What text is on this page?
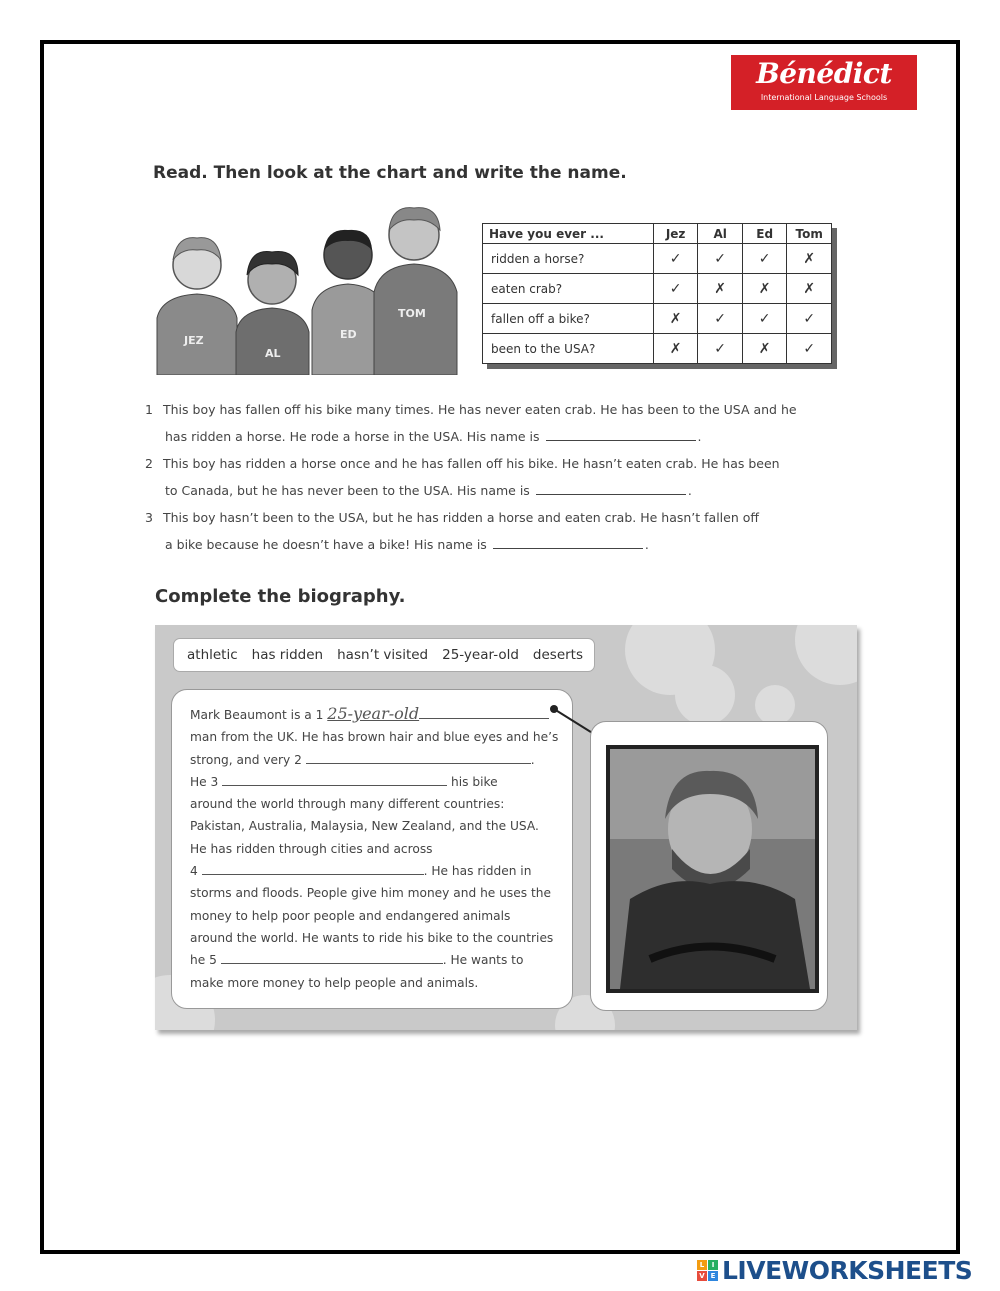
Bénédict
International Language Schools
Read. Then look at the chart and write the name.
JEZ
AL
ED
TOM
Have you ever ...	Jez	Al	Ed	Tom
ridden a horse?	✓	✓	✓	✗
eaten crab?	✓	✗	✗	✗
fallen off a bike?	✗	✓	✓	✓
been to the USA?	✗	✓	✗	✓
1 This boy has fallen off his bike many times. He has never eaten crab. He has been to the USA and he
has ridden a horse. He rode a horse in the USA. His name is	.
2 This boy has ridden a horse once and he has fallen off his bike. He hasn’t eaten crab. He has been
to Canada, but he has never been to the USA. His name is	.
3 This boy hasn’t been to the USA, but he has ridden a horse and eaten crab. He hasn’t fallen off
a bike because he doesn’t have a bike! His name is	.
Complete the biography.
athletic has ridden hasn’t visited 25-year-old deserts
Mark Beaumont is a 1 25-year-old
man from the UK. He has brown hair and blue eyes and he’s
strong, and very 2	.
He 3	his bike
around the world through many different countries:
Pakistan, Australia, Malaysia, New Zealand, and the USA.
He has ridden through cities and across
4	. He has ridden in
storms and floods. People give him money and he uses the
money to help poor people and endangered animals
around the world. He wants to ride his bike to the countries
he 5	. He wants to
make more money to help people and animals.
L	I
V E LIVEWORKSHEETS
